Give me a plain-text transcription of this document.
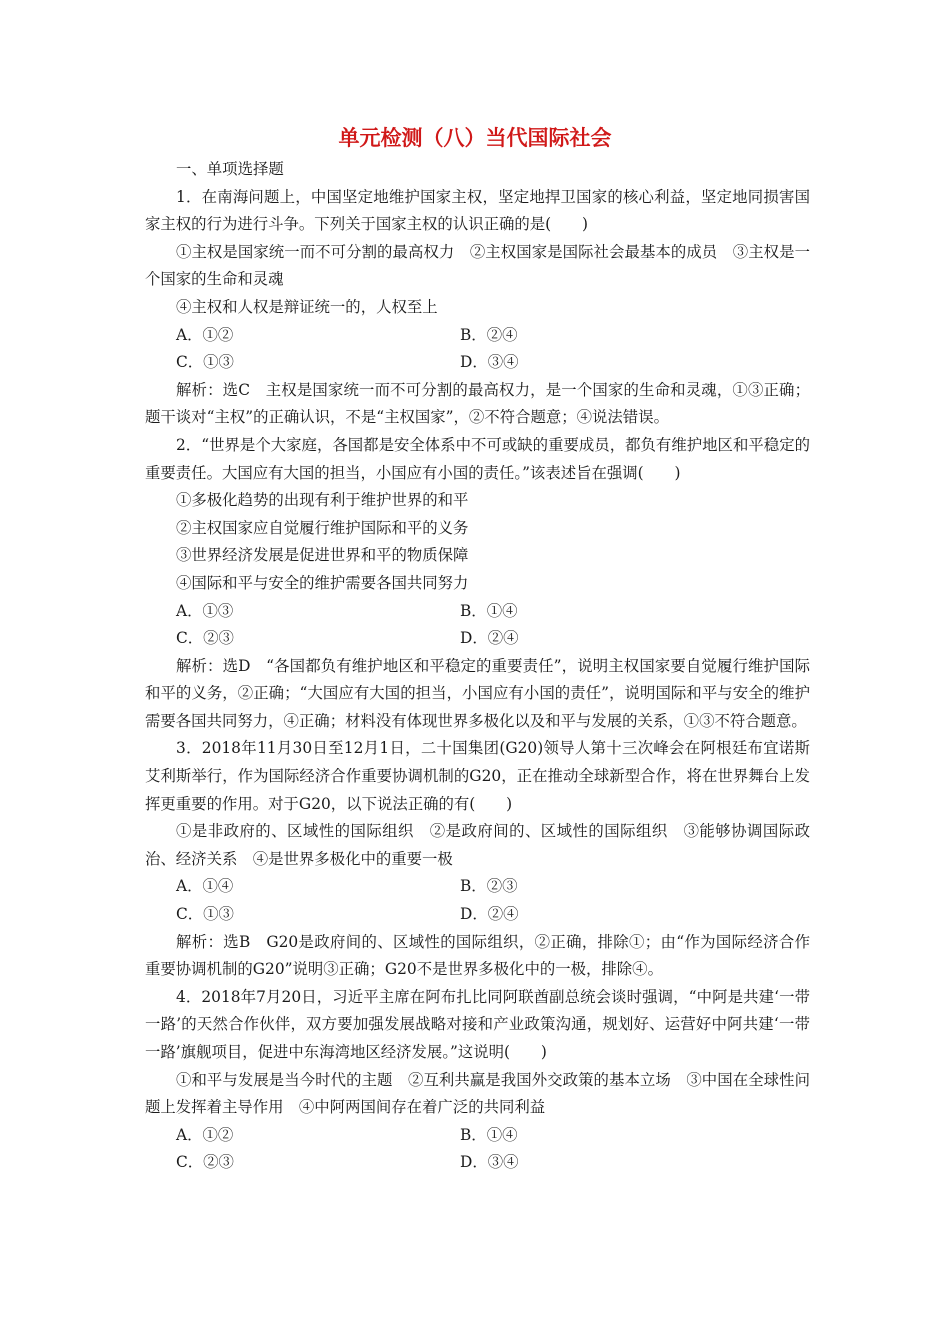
单元检测（八）当代国际社会

一、单项选择题

1．在南海问题上，中国坚定地维护国家主权，坚定地捍卫国家的核心利益，坚定地同损害国家主权的行为进行斗争。下列关于国家主权的认识正确的是(　　)

①主权是国家统一而不可分割的最高权力　②主权国家是国际社会最基本的成员　③主权是一个国家的生命和灵魂

④主权和人权是辩证统一的，人权至上

A．①②	B．②④
C．①③	D．③④

解析：选C　主权是国家统一而不可分割的最高权力，是一个国家的生命和灵魂，①③正确；题干谈对“主权”的正确认识，不是“主权国家”，②不符合题意；④说法错误。

2．“世界是个大家庭，各国都是安全体系中不可或缺的重要成员，都负有维护地区和平稳定的重要责任。大国应有大国的担当，小国应有小国的责任。”该表述旨在强调(　　)

①多极化趋势的出现有利于维护世界的和平

②主权国家应自觉履行维护国际和平的义务

③世界经济发展是促进世界和平的物质保障

④国际和平与安全的维护需要各国共同努力

A．①③	B．①④
C．②③	D．②④

解析：选D　“各国都负有维护地区和平稳定的重要责任”，说明主权国家要自觉履行维护国际和平的义务，②正确；“大国应有大国的担当，小国应有小国的责任”，说明国际和平与安全的维护需要各国共同努力，④正确；材料没有体现世界多极化以及和平与发展的关系，①③不符合题意。

3．2018年11月30日至12月1日，二十国集团(G20)领导人第十三次峰会在阿根廷布宜诺斯艾利斯举行，作为国际经济合作重要协调机制的G20，正在推动全球新型合作，将在世界舞台上发挥更重要的作用。对于G20，以下说法正确的有(　　)

①是非政府的、区域性的国际组织　②是政府间的、区域性的国际组织　③能够协调国际政治、经济关系　④是世界多极化中的重要一极

A．①④	B．②③
C．①③	D．②④

解析：选B　G20是政府间的、区域性的国际组织，②正确，排除①；由“作为国际经济合作重要协调机制的G20”说明③正确；G20不是世界多极化中的一极，排除④。

4．2018年7月20日，习近平主席在阿布扎比同阿联酋副总统会谈时强调，“中阿是共建‘一带一路’的天然合作伙伴，双方要加强发展战略对接和产业政策沟通，规划好、运营好中阿共建‘一带一路’旗舰项目，促进中东海湾地区经济发展。”这说明(　　)

①和平与发展是当今时代的主题　②互利共赢是我国外交政策的基本立场　③中国在全球性问题上发挥着主导作用　④中阿两国间存在着广泛的共同利益

A．①②	B．①④
C．②③	D．③④
